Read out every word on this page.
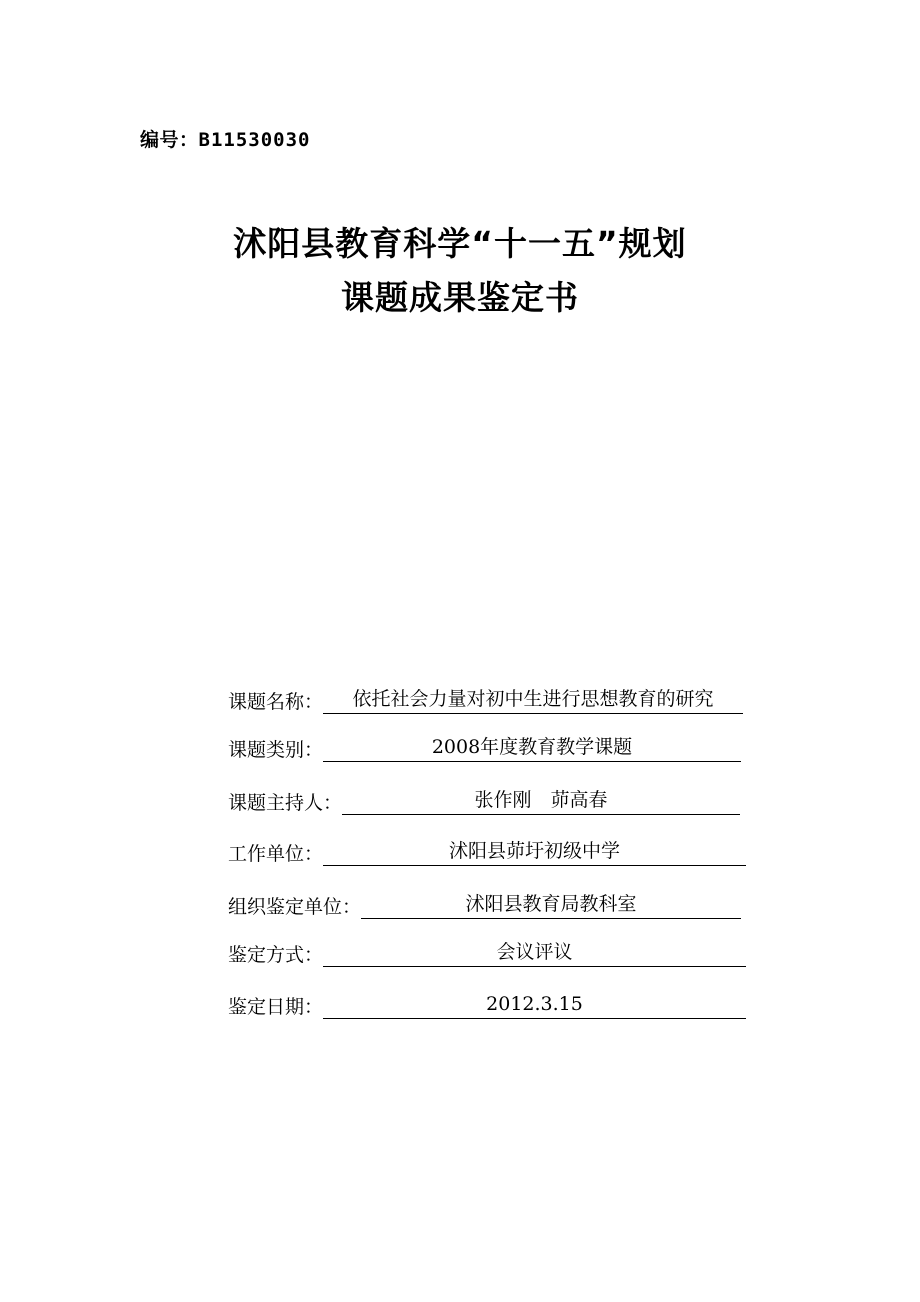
编号：B11530030
沭阳县教育科学“十一五”规划
课题成果鉴定书
课题名称：	依托社会力量对初中生进行思想教育的研究
课题类别：	2008年度教育教学课题
课题主持人：	张作刚　茆高春
工作单位：	沭阳县茆圩初级中学
组织鉴定单位：	沭阳县教育局教科室
鉴定方式：	会议评议
鉴定日期：	2012.3.15
